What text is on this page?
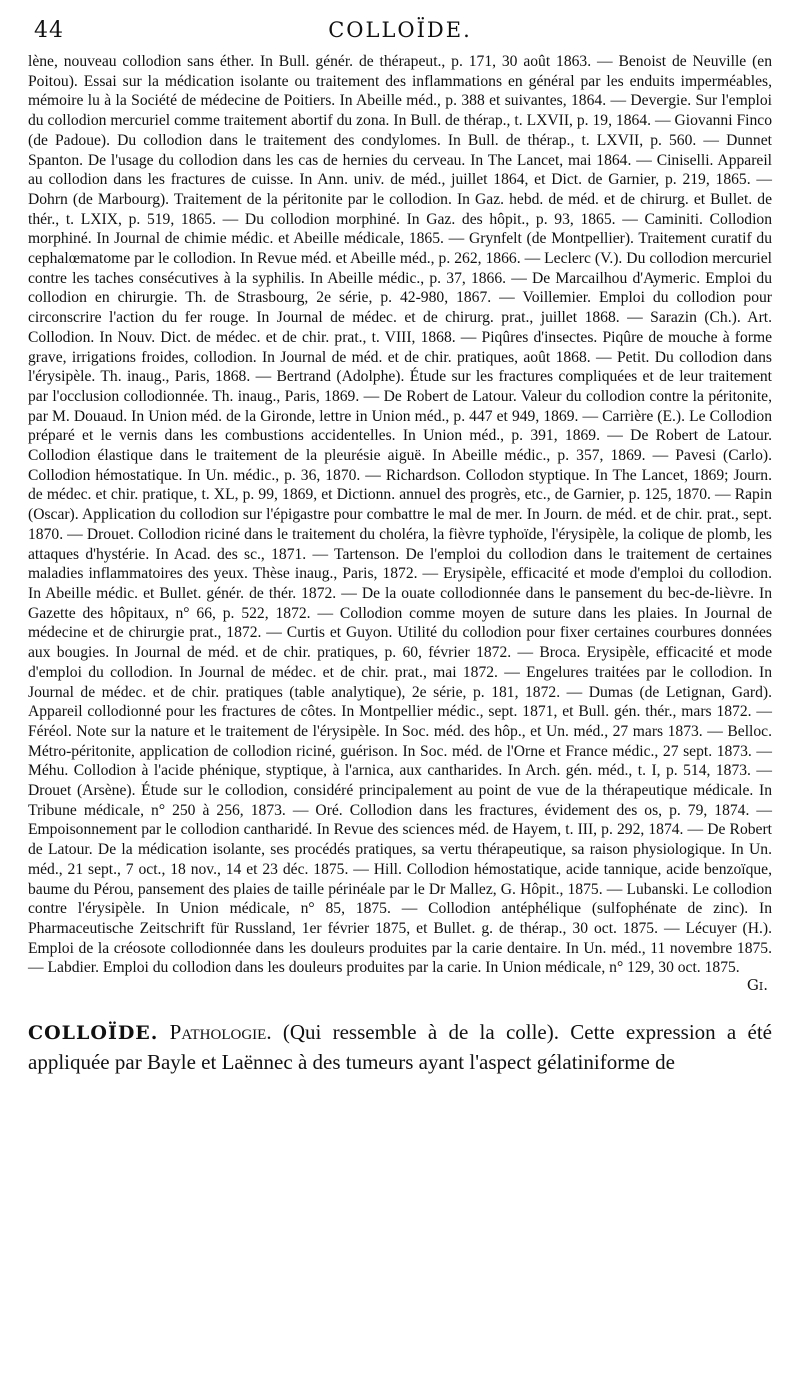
44	COLLOÏDE.
lène, nouveau collodion sans éther. In Bull. génér. de thérapeut., p. 171, 30 août 1863. — Benoist de Neuville (en Poitou). Essai sur la médication isolante ou traitement des inflammations en général par les enduits imperméables, mémoire lu à la Société de médecine de Poitiers. In Abeille méd., p. 388 et suivantes, 1864. — Devergie. Sur l'emploi du collodion mercuriel comme traitement abortif du zona. In Bull. de thérap., t. LXVII, p. 19, 1864. — Giovanni Finco (de Padoue). Du collodion dans le traitement des condylomes. In Bull. de thérap., t. LXVII, p. 560. — Dunnet Spanton. De l'usage du collodion dans les cas de hernies du cerveau. In The Lancet, mai 1864. — Ciniselli. Appareil au collodion dans les fractures de cuisse. In Ann. univ. de méd., juillet 1864, et Dict. de Garnier, p. 219, 1865. — Dohrn (de Marbourg). Traitement de la péritonite par le collodion. In Gaz. hebd. de méd. et de chirurg. et Bullet. de thér., t. LXIX, p. 519, 1865. — Du collodion morphiné. In Gaz. des hôpit., p. 93, 1865. — Caminiti. Collodion morphiné. In Journal de chimie médic. et Abeille médicale, 1865. — Grynfelt (de Montpellier). Traitement curatif du cephalœmatome par le collodion. In Revue méd. et Abeille méd., p. 262, 1866. — Leclerc (V.). Du collodion mercuriel contre les taches consécutives à la syphilis. In Abeille médic., p. 37, 1866. — De Marcailhou d'Aymeric. Emploi du collodion en chirurgie. Th. de Strasbourg, 2e série, p. 42-980, 1867. — Voillemier. Emploi du collodion pour circonscrire l'action du fer rouge. In Journal de médec. et de chirurg. prat., juillet 1868. — Sarazin (Ch.). Art. Collodion. In Nouv. Dict. de médec. et de chir. prat., t. VIII, 1868. — Piqûres d'insectes. Piqûre de mouche à forme grave, irrigations froides, collodion. In Journal de méd. et de chir. pratiques, août 1868. — Petit. Du collodion dans l'érysipèle. Th. inaug., Paris, 1868. — Bertrand (Adolphe). Étude sur les fractures compliquées et de leur traitement par l'occlusion collodionnée. Th. inaug., Paris, 1869. — De Robert de Latour. Valeur du collodion contre la péritonite, par M. Douaud. In Union méd. de la Gironde, lettre in Union méd., p. 447 et 949, 1869. — Carrière (E.). Le Collodion préparé et le vernis dans les combustions accidentelles. In Union méd., p. 391, 1869. — De Robert de Latour. Collodion élastique dans le traitement de la pleurésie aiguë. In Abeille médic., p. 357, 1869. — Pavesi (Carlo). Collodion hémostatique. In Un. médic., p. 36, 1870. — Richardson. Collodon styptique. In The Lancet, 1869; Journ. de médec. et chir. pratique, t. XL, p. 99, 1869, et Dictionn. annuel des progrès, etc., de Garnier, p. 125, 1870. — Rapin (Oscar). Application du collodion sur l'épigastre pour combattre le mal de mer. In Journ. de méd. et de chir. prat., sept. 1870. — Drouet. Collodion riciné dans le traitement du choléra, la fièvre typhoïde, l'érysipèle, la colique de plomb, les attaques d'hystérie. In Acad. des sc., 1871. — Tartenson. De l'emploi du collodion dans le traitement de certaines maladies inflammatoires des yeux. Thèse inaug., Paris, 1872. — Erysipèle, efficacité et mode d'emploi du collodion. In Abeille médic. et Bullet. génér. de thér. 1872. — De la ouate collodionnée dans le pansement du bec-de-lièvre. In Gazette des hôpitaux, n° 66, p. 522, 1872. — Collodion comme moyen de suture dans les plaies. In Journal de médecine et de chirurgie prat., 1872. — Curtis et Guyon. Utilité du collodion pour fixer certaines courbures données aux bougies. In Journal de méd. et de chir. pratiques, p. 60, février 1872. — Broca. Erysipèle, efficacité et mode d'emploi du collodion. In Journal de médec. et de chir. prat., mai 1872. — Engelures traitées par le collodion. In Journal de médec. et de chir. pratiques (table analytique), 2e série, p. 181, 1872. — Dumas (de Letignan, Gard). Appareil collodionné pour les fractures de côtes. In Montpellier médic., sept. 1871, et Bull. gén. thér., mars 1872. — Féréol. Note sur la nature et le traitement de l'érysipèle. In Soc. méd. des hôp., et Un. méd., 27 mars 1873. — Belloc. Métro-péritonite, application de collodion riciné, guérison. In Soc. méd. de l'Orne et France médic., 27 sept. 1873. — Méhu. Collodion à l'acide phénique, styptique, à l'arnica, aux cantharides. In Arch. gén. méd., t. I, p. 514, 1873. — Drouet (Arsène). Étude sur le collodion, considéré principalement au point de vue de la thérapeutique médicale. In Tribune médicale, n° 250 à 256, 1873. — Oré. Collodion dans les fractures, évidement des os, p. 79, 1874. — Empoisonnement par le collodion cantharidé. In Revue des sciences méd. de Hayem, t. III, p. 292, 1874. — De Robert de Latour. De la médication isolante, ses procédés pratiques, sa vertu thérapeutique, sa raison physiologique. In Un. méd., 21 sept., 7 oct., 18 nov., 14 et 23 déc. 1875. — Hill. Collodion hémostatique, acide tannique, acide benzoïque, baume du Pérou, pansement des plaies de taille périnéale par le Dr Mallez, G. Hôpit., 1875. — Lubanski. Le collodion contre l'érysipèle. In Union médicale, n° 85, 1875. — Collodion antéphélique (sulfophénate de zinc). In Pharmaceutische Zeitschrift für Russland, 1er février 1875, et Bullet. g. de thérap., 30 oct. 1875. — Lécuyer (H.). Emploi de la créosote collodionnée dans les douleurs produites par la carie dentaire. In Un. méd., 11 novembre 1875. — Labdier. Emploi du collodion dans les douleurs produites par la carie. In Union médicale, n° 129, 30 oct. 1875.
Gi.
COLLOÏDE. Pathologie. (Qui ressemble à de la colle). Cette expression a été appliquée par Bayle et Laënnec à des tumeurs ayant l'aspect gélatiniforme de
